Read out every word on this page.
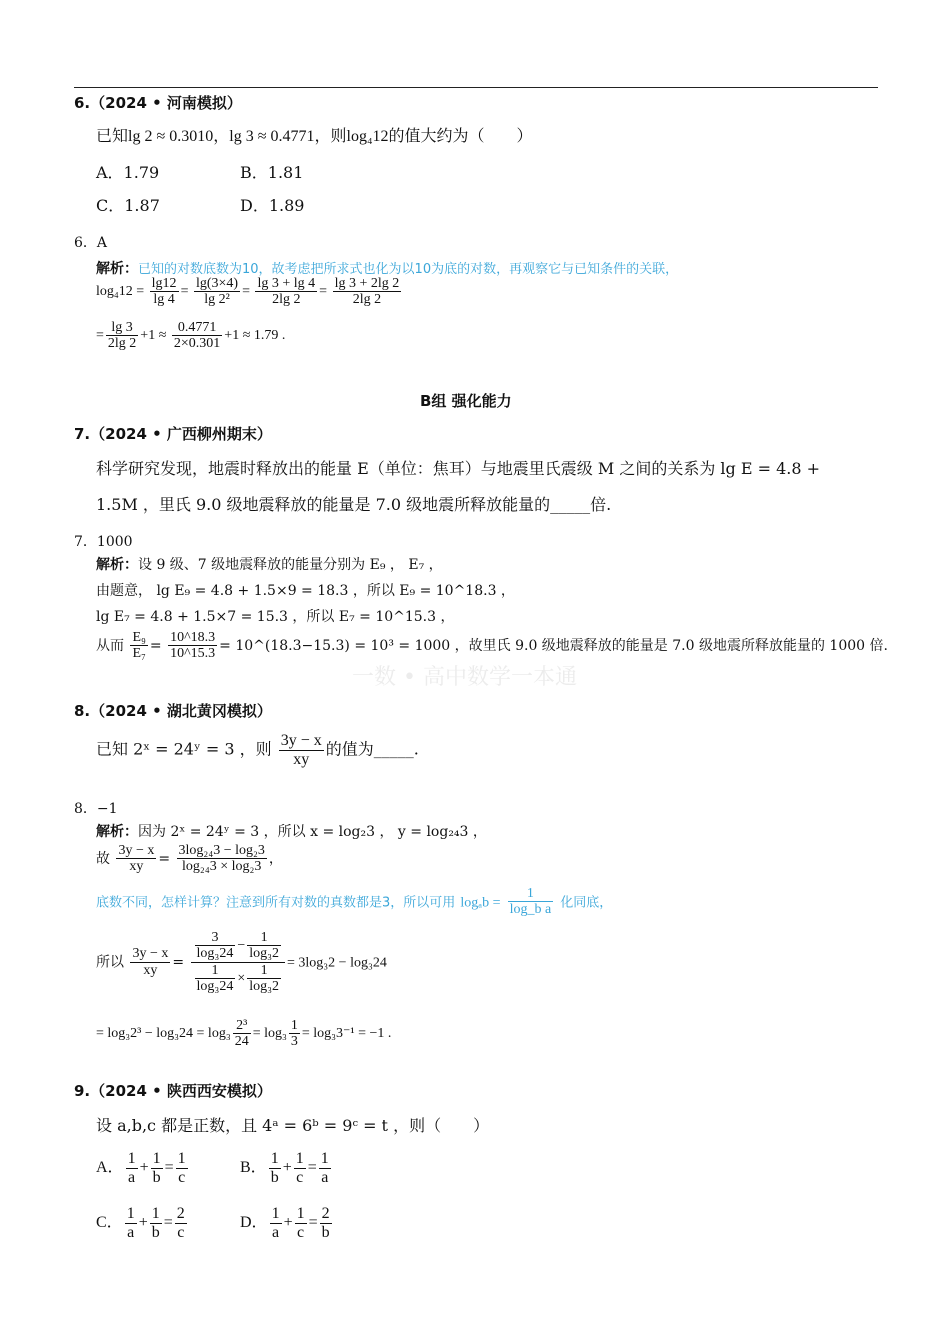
6.（2024 • 河南模拟）
已知lg 2 ≈ 0.3010，lg 3 ≈ 0.4771，则log₄12的值大约为（　　）
A．1.79	B．1.81
C．1.87	D．1.89
6．A
解析：已知的对数底数为10，故考虑把所求式也化为以10为底的对数，再观察它与已知条件的关联，
$\log_412 = \frac{\lg 12}{\lg 4} = \frac{\lg(3\times 4)}{\text{lg 2²}} = \frac{\lg 3 + \lg 4}{2\lg 2} = \frac{\lg 3 + 2\lg 2}{2\lg 2}$
= $\frac{\lg 3}{2\lg 2} +1 \approx \frac{0.4771}{2\times 0.301} +1 \approx 1.79$ .
B组 强化能力
7.（2024 • 广西柳州期末）
科学研究发现，地震时释放出的能量 E（单位：焦耳）与地震里氏震级 M 之间的关系为 lg E = 4.8 +
1.5M ，里氏 9.0 级地震释放的能量是 7.0 级地震所释放能量的_____倍.
7．1000
解析：设 9 级、7 级地震释放的能量分别为 E₉ ， E₇ ，
由题意， lg E₉ = 4.8 + 1.5×9 = 18.3 ，所以 E₉ = 10^18.3 ，
lg E₇ = 4.8 + 1.5×7 = 15.3 ，所以 E₇ = 10^15.3 ，
从而 $\frac{\text{E₉}}{\text{E₇}} = \frac{10\^{}18.3}{10\^{}15.3}$ = 10^(18.3−15.3) = 10³ = 1000 ，故里氏 9.0 级地震释放的能量是 7.0 级地震所释放能量的 1000 倍.
一数 • 高中数学一本通
8.（2024 • 湖北黄冈模拟）
已知 2ˣ = 24ʸ = 3 ，则 $\frac{3y - x}{xy}$ 的值为_____.
8．−1
解析：因为 2ˣ = 24ʸ = 3 ，所以 x = log₂3 ， y = log₂₄3 ，
故 $\frac{3y - x}{xy} = \frac{\text{3log₂₄3 − log₂3}}{\text{log₂₄3 × log₂3}}$ ，
底数不同，怎样计算？注意到所有对数的真数都是3，所以可用 $\log_ab = \frac{1}{\text{log\_b a}}$ 化同底，
所以 $\frac{3y - x}{xy} = \frac{\frac{3}{\text{log₃24}} - \frac{1}{\text{log₃2}}}{\frac{1}{\text{log₃24}} \times \frac{1}{\text{log₃2}}} = 3\log_32 - \log_324$
= $\log_32^3 - \log_324 = \log_3 \frac{\text{2³}}{24} = \log_3 \frac{1}{3} = \log_33^{-1} = -1$ .
9.（2024 • 陕西西安模拟）
设 a,b,c 都是正数，且 4ᵃ = 6ᵇ = 9ᶜ = t ，则（　　）
A． $\frac{1}{a} + \frac{1}{b} = \frac{1}{c}$	B． $\frac{1}{b} + \frac{1}{c} = \frac{1}{a}$
C． $\frac{1}{a} + \frac{1}{b} = \frac{2}{c}$	D． $\frac{1}{a} + \frac{1}{c} = \frac{2}{b}$
